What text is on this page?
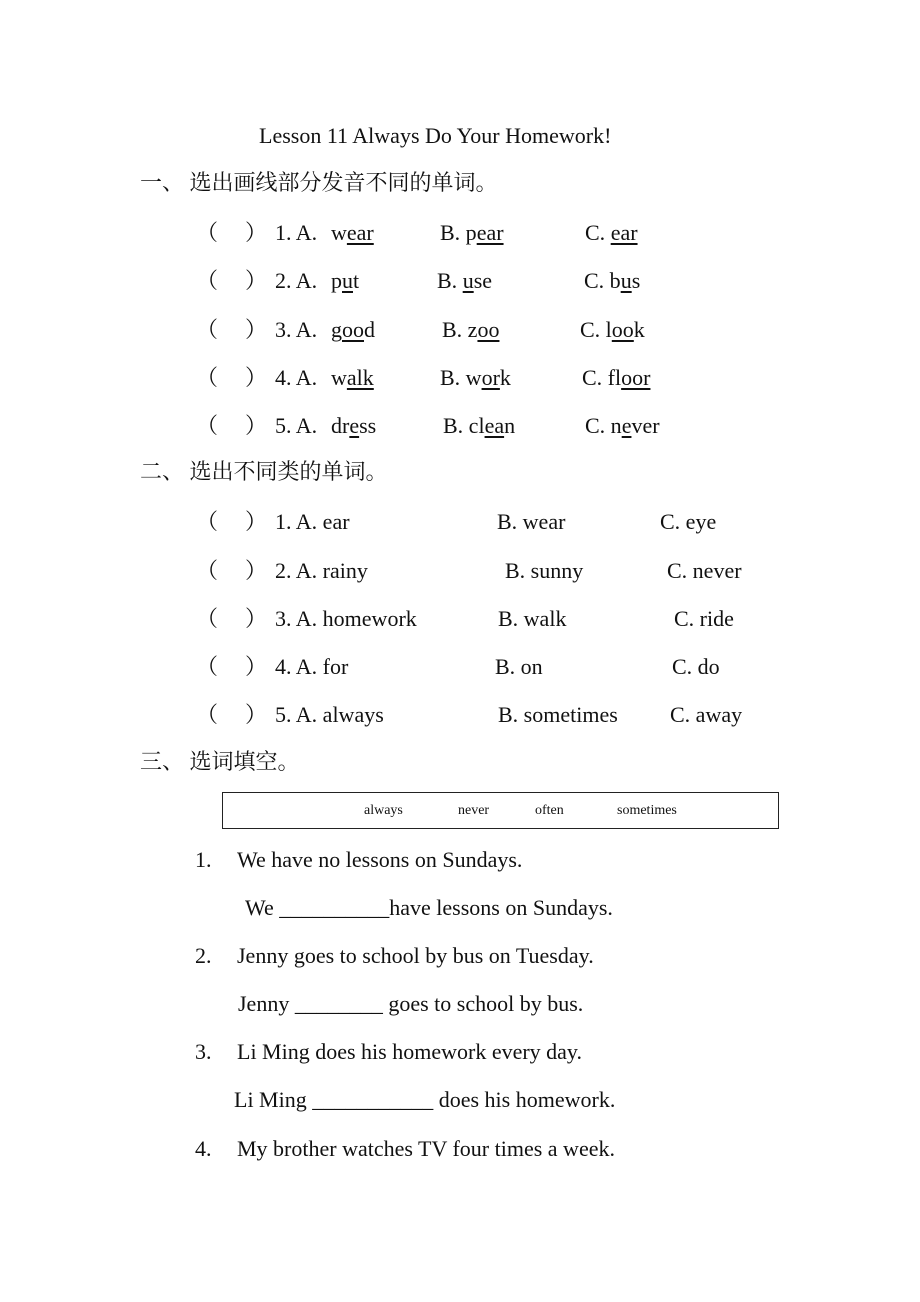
Lesson 11 Always Do Your Homework!
一、 选出画线部分发音不同的单词。
（ ） 1. A. wear	B. pear	C. ear
（ ） 2. A. put	B. use	C. bus
（ ） 3. A. good	B. zoo	C. look
（ ） 4. A. walk	B. work	C. floor
（ ） 5. A. dress	B. clean	C. never
二、 选出不同类的单词。
（ ） 1. A. ear	B. wear	C. eye
（ ） 2. A. rainy	B. sunny	C. never
（ ） 3. A. homework	B. walk	C. ride
（ ） 4. A. for	B. on	C. do
（ ） 5. A. always	B. sometimes C. away
三、 选词填空。
always	never	often	sometimes
1. We have no lessons on Sundays.
We __________have lessons on Sundays.
2. Jenny goes to school by bus on Tuesday.
Jenny ________ goes to school by bus.
3. Li Ming does his homework every day.
Li Ming ___________ does his homework.
4. My brother watches TV four times a week.
